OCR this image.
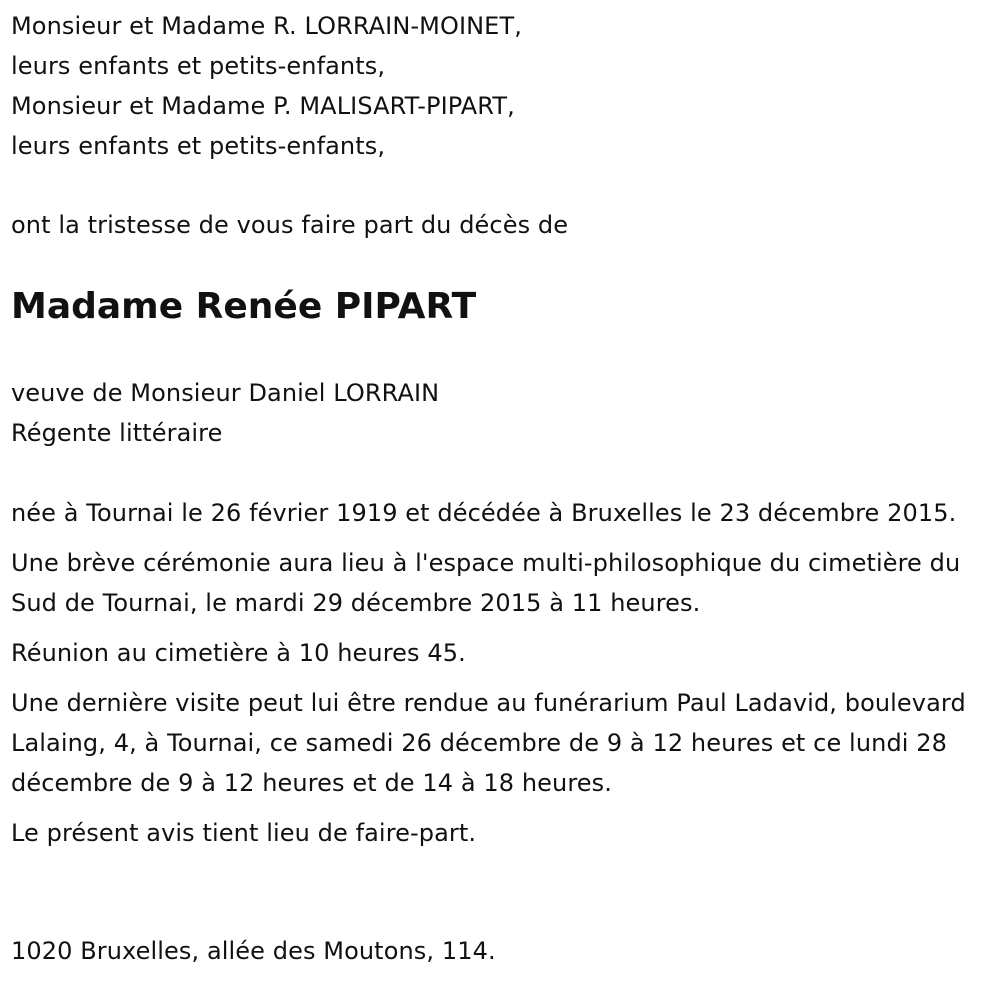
Monsieur et Madame R. LORRAIN-MOINET,
leurs enfants et petits-enfants,
Monsieur et Madame P. MALISART-PIPART,
leurs enfants et petits-enfants,
ont la tristesse de vous faire part du décès de
Madame Renée PIPART
veuve de Monsieur Daniel LORRAIN
Régente littéraire
née à Tournai le 26 février 1919 et décédée à Bruxelles le 23 décembre 2015.
Une brève cérémonie aura lieu à l'espace multi-philosophique du cimetière du Sud de Tournai, le mardi 29 décembre 2015 à 11 heures.
Réunion au cimetière à 10 heures 45.
Une dernière visite peut lui être rendue au funérarium Paul Ladavid, boulevard Lalaing, 4, à Tournai, ce samedi 26 décembre de 9 à 12 heures et ce lundi 28 décembre de 9 à 12 heures et de 14 à 18 heures.
Le présent avis tient lieu de faire-part.
1020 Bruxelles, allée des Moutons, 114.
